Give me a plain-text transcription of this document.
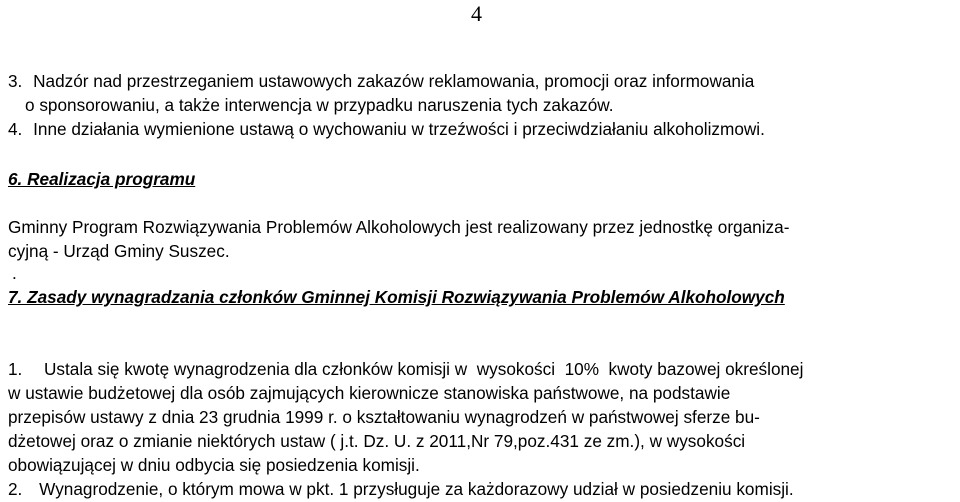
4
3. Nadzór nad przestrzeganiem ustawowych zakazów reklamowania, promocji oraz informowania
o sponsorowaniu, a także interwencja w przypadku naruszenia tych zakazów.
4. Inne działania wymienione ustawą o wychowaniu w trzeźwości i przeciwdziałaniu alkoholizmowi.
6. Realizacja programu
Gminny Program Rozwiązywania Problemów Alkoholowych jest realizowany przez jednostkę organiza-
cyjną - Urząd Gminy Suszec.
.
7. Zasady wynagradzania członków Gminnej Komisji Rozwiązywania Problemów Alkoholowych
1. Ustala się kwotę wynagrodzenia dla członków komisji w  wysokości  10%  kwoty bazowej określonej
w ustawie budżetowej dla osób zajmujących kierownicze stanowiska państwowe, na podstawie
przepisów ustawy z dnia 23 grudnia 1999 r. o kształtowaniu wynagrodzeń w państwowej sferze bu-
dżetowej oraz o zmianie niektórych ustaw ( j.t. Dz. U. z 2011,Nr 79,poz.431 ze zm.), w wysokości
obowiązującej w dniu odbycia się posiedzenia komisji.
2. Wynagrodzenie, o którym mowa w pkt. 1 przysługuje za każdorazowy udział w posiedzeniu komisji.
